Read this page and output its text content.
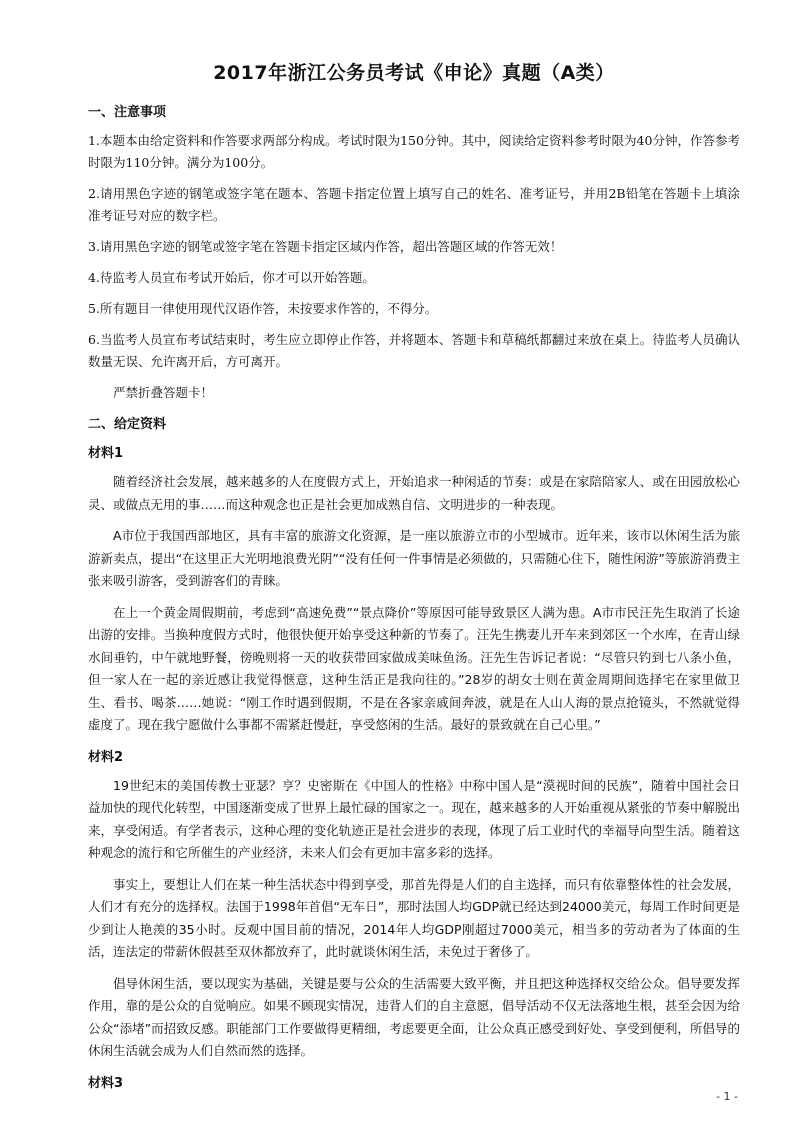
2017年浙江公务员考试《申论》真题（A类）
一、注意事项

1.本题本由给定资料和作答要求两部分构成。考试时限为150分钟。其中，阅读给定资料参考时限为40分钟，作答参考时限为110分钟。满分为100分。

2.请用黑色字迹的钢笔或签字笔在题本、答题卡指定位置上填写自己的姓名、准考证号，并用2B铅笔在答题卡上填涂准考证号对应的数字栏。

3.请用黑色字迹的钢笔或签字笔在答题卡指定区域内作答，超出答题区域的作答无效！

4.待监考人员宣布考试开始后，你才可以开始答题。

5.所有题目一律使用现代汉语作答，未按要求作答的，不得分。

6.当监考人员宣布考试结束时，考生应立即停止作答，并将题本、答题卡和草稿纸都翻过来放在桌上。待监考人员确认数量无误、允许离开后，方可离开。

严禁折叠答题卡！

二、给定资料
材料1

随着经济社会发展，越来越多的人在度假方式上，开始追求一种闲适的节奏：或是在家陪陪家人、或在田园放松心灵、或做点无用的事……而这种观念也正是社会更加成熟自信、文明进步的一种表现。

A市位于我国西部地区，具有丰富的旅游文化资源，是一座以旅游立市的小型城市。近年来，该市以休闲生活为旅游新卖点，提出“在这里正大光明地浪费光阴”“没有任何一件事情是必须做的，只需随心住下，随性闲游”等旅游消费主张来吸引游客，受到游客们的青睐。

在上一个黄金周假期前，考虑到“高速免费”“景点降价”等原因可能导致景区人满为患。A市市民汪先生取消了长途出游的安排。当换种度假方式时，他很快便开始享受这种新的节奏了。汪先生携妻儿开车来到郊区一个水库，在青山绿水间垂钓，中午就地野餐，傍晚则将一天的收获带回家做成美味鱼汤。汪先生告诉记者说：“尽管只钓到七八条小鱼，但一家人在一起的亲近感让我觉得惬意，这种生活正是我向往的。”28岁的胡女士则在黄金周期间选择宅在家里做卫生、看书、喝茶……她说：“刚工作时遇到假期，不是在各家亲戚间奔波，就是在人山人海的景点抢镜头，不然就觉得虚度了。现在我宁愿做什么事都不需紧赶慢赶，享受悠闲的生活。最好的景致就在自己心里。”

材料2

19世纪末的美国传教士亚瑟？亨？史密斯在《中国人的性格》中称中国人是“漠视时间的民族”，随着中国社会日益加快的现代化转型，中国逐渐变成了世界上最忙碌的国家之一。现在，越来越多的人开始重视从紧张的节奏中解脱出来，享受闲适。有学者表示，这种心理的变化轨迹正是社会进步的表现，体现了后工业时代的幸福导向型生活。随着这种观念的流行和它所催生的产业经济，未来人们会有更加丰富多彩的选择。

事实上，要想让人们在某一种生活状态中得到享受，那首先得是人们的自主选择，而只有依靠整体性的社会发展，人们才有充分的选择权。法国于1998年首倡“无车日”，那时法国人均GDP就已经达到24000美元，每周工作时间更是少到让人艳羡的35小时。反观中国目前的情况，2014年人均GDP刚超过7000美元，相当多的劳动者为了体面的生活，连法定的带薪休假甚至双休都放弃了，此时就谈休闲生活，未免过于奢侈了。

倡导休闲生活，要以现实为基础，关键是要与公众的生活需要大致平衡，并且把这种选择权交给公众。倡导要发挥作用，靠的是公众的自觉响应。如果不顾现实情况，违背人们的自主意愿，倡导活动不仅无法落地生根，甚至会因为给公众“添堵”而招致反感。职能部门工作要做得更精细，考虑要更全面，让公众真正感受到好处、享受到便利，所倡导的休闲生活就会成为人们自然而然的选择。

材料3
- 1 -
